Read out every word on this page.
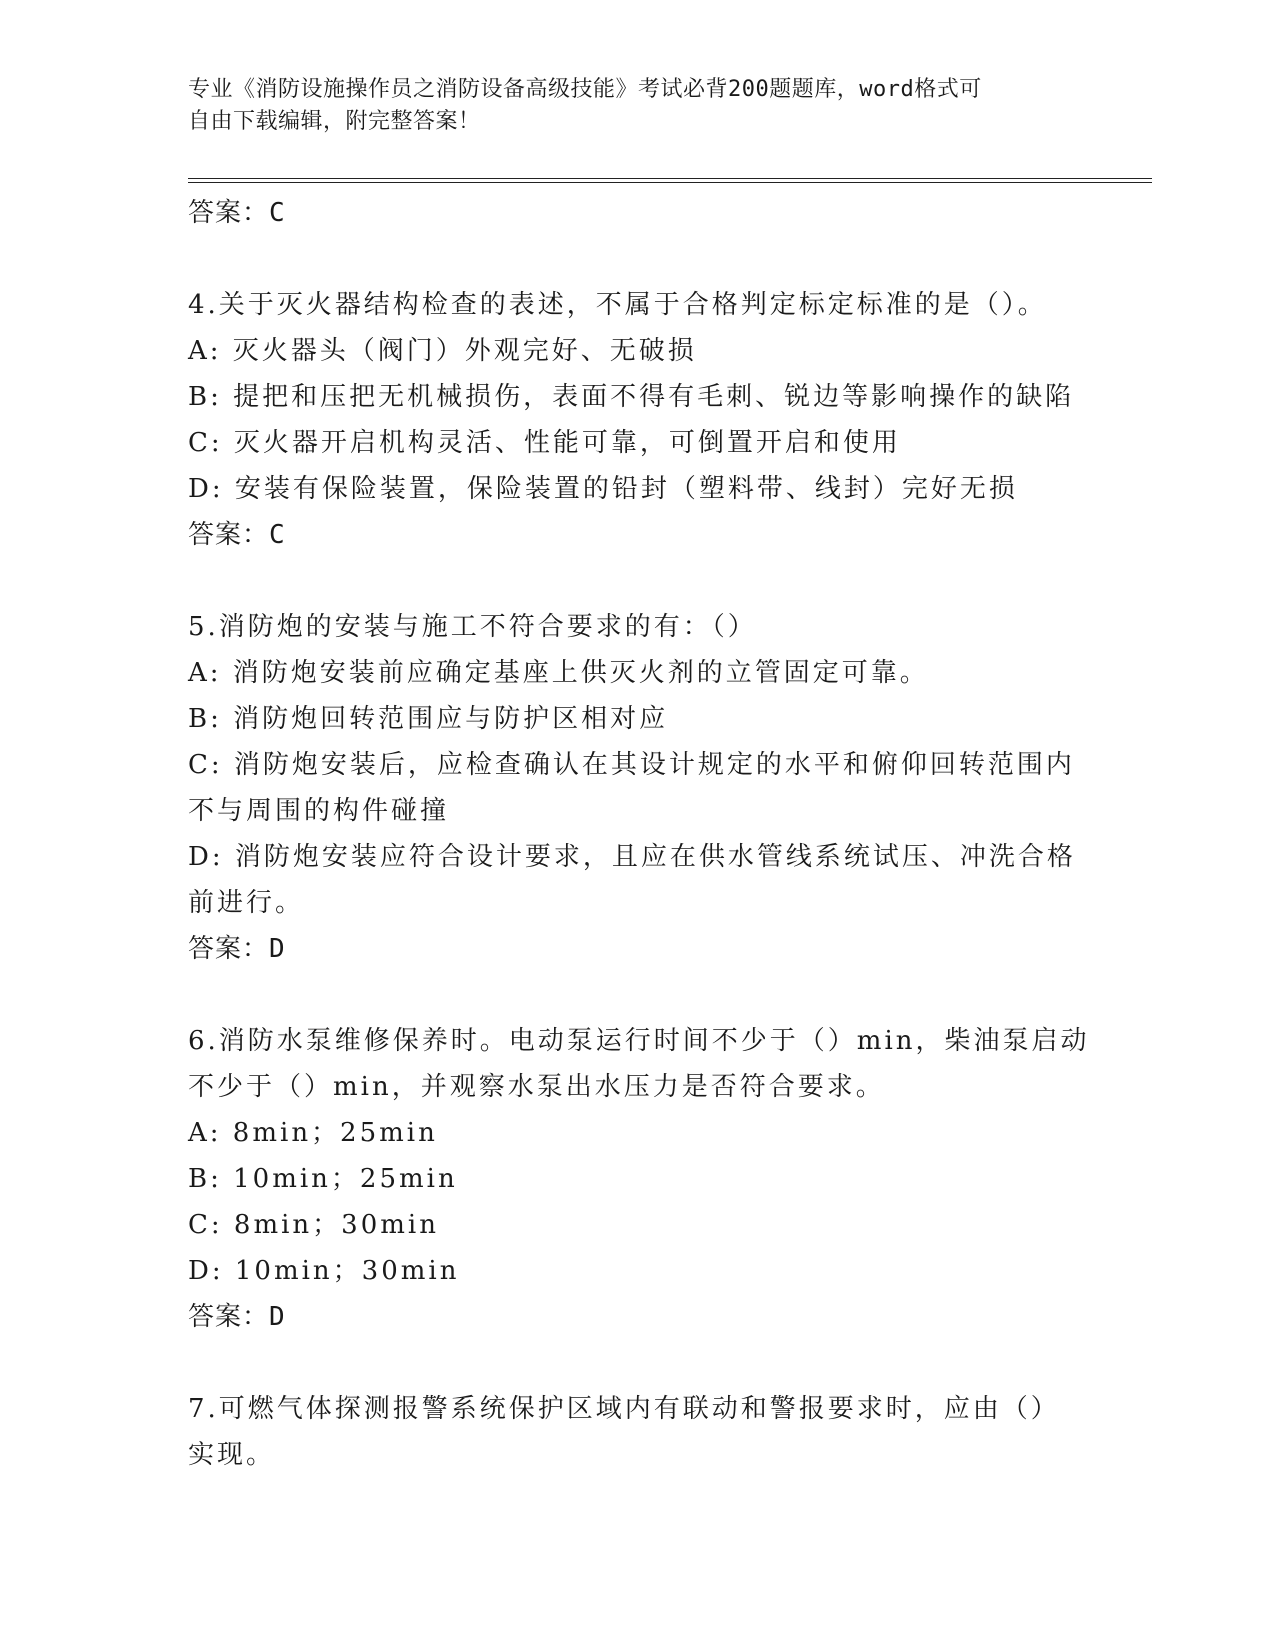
专业《消防设施操作员之消防设备高级技能》考试必背200题题库，word格式可
自由下载编辑，附完整答案！
答案：C
4.关于灭火器结构检查的表述，不属于合格判定标定标准的是（）。
A: 灭火器头（阀门）外观完好、无破损
B: 提把和压把无机械损伤，表面不得有毛刺、锐边等影响操作的缺陷
C: 灭火器开启机构灵活、性能可靠，可倒置开启和使用
D: 安装有保险装置，保险装置的铅封（塑料带、线封）完好无损
答案：C
5.消防炮的安装与施工不符合要求的有：（）
A: 消防炮安装前应确定基座上供灭火剂的立管固定可靠。
B: 消防炮回转范围应与防护区相对应
C: 消防炮安装后，应检查确认在其设计规定的水平和俯仰回转范围内
不与周围的构件碰撞
D: 消防炮安装应符合设计要求，且应在供水管线系统试压、冲洗合格
前进行。
答案：D
6.消防水泵维修保养时。电动泵运行时间不少于（）min，柴油泵启动
不少于（）min，并观察水泵出水压力是否符合要求。
A: 8min；25min
B: 10min；25min
C: 8min；30min
D: 10min；30min
答案：D
7.可燃气体探测报警系统保护区域内有联动和警报要求时，应由（）
实现。
